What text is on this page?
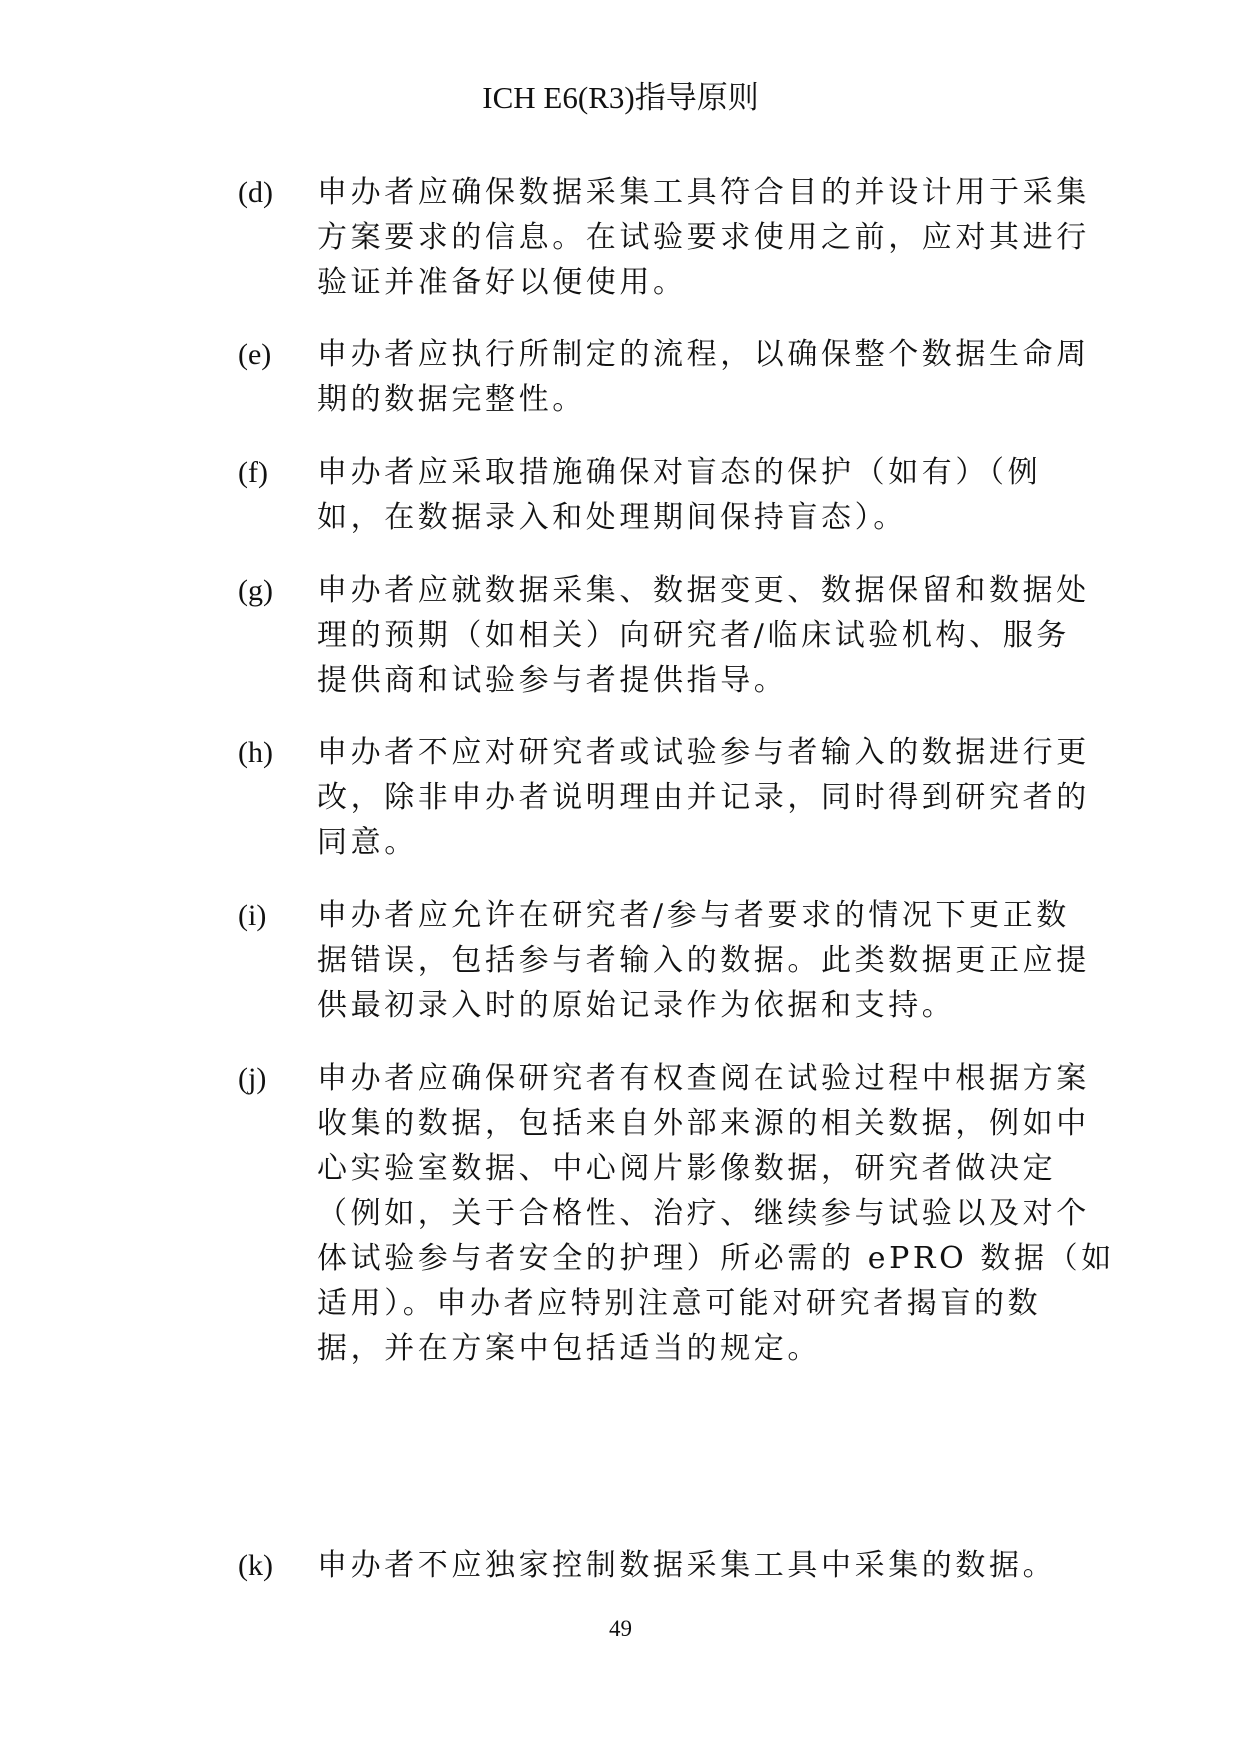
ICH E6(R3)指导原则
(d)	申办者应确保数据采集工具符合目的并设计用于采集
方案要求的信息。在试验要求使用之前，应对其进行
验证并准备好以便使用。
(e)	申办者应执行所制定的流程，以确保整个数据生命周
期的数据完整性。
(f)	申办者应采取措施确保对盲态的保护（如有）（例
如，在数据录入和处理期间保持盲态）。
(g)	申办者应就数据采集、数据变更、数据保留和数据处
理的预期（如相关）向研究者/临床试验机构、服务
提供商和试验参与者提供指导。
(h)	申办者不应对研究者或试验参与者输入的数据进行更
改，除非申办者说明理由并记录，同时得到研究者的
同意。
(i)	申办者应允许在研究者/参与者要求的情况下更正数
据错误，包括参与者输入的数据。此类数据更正应提
供最初录入时的原始记录作为依据和支持。
(j)	申办者应确保研究者有权查阅在试验过程中根据方案
收集的数据，包括来自外部来源的相关数据，例如中
心实验室数据、中心阅片影像数据，研究者做决定
（例如，关于合格性、治疗、继续参与试验以及对个
体试验参与者安全的护理）所必需的 ePRO 数据（如
适用）。申办者应特别注意可能对研究者揭盲的数
据，并在方案中包括适当的规定。
(k)	申办者不应独家控制数据采集工具中采集的数据。
49
